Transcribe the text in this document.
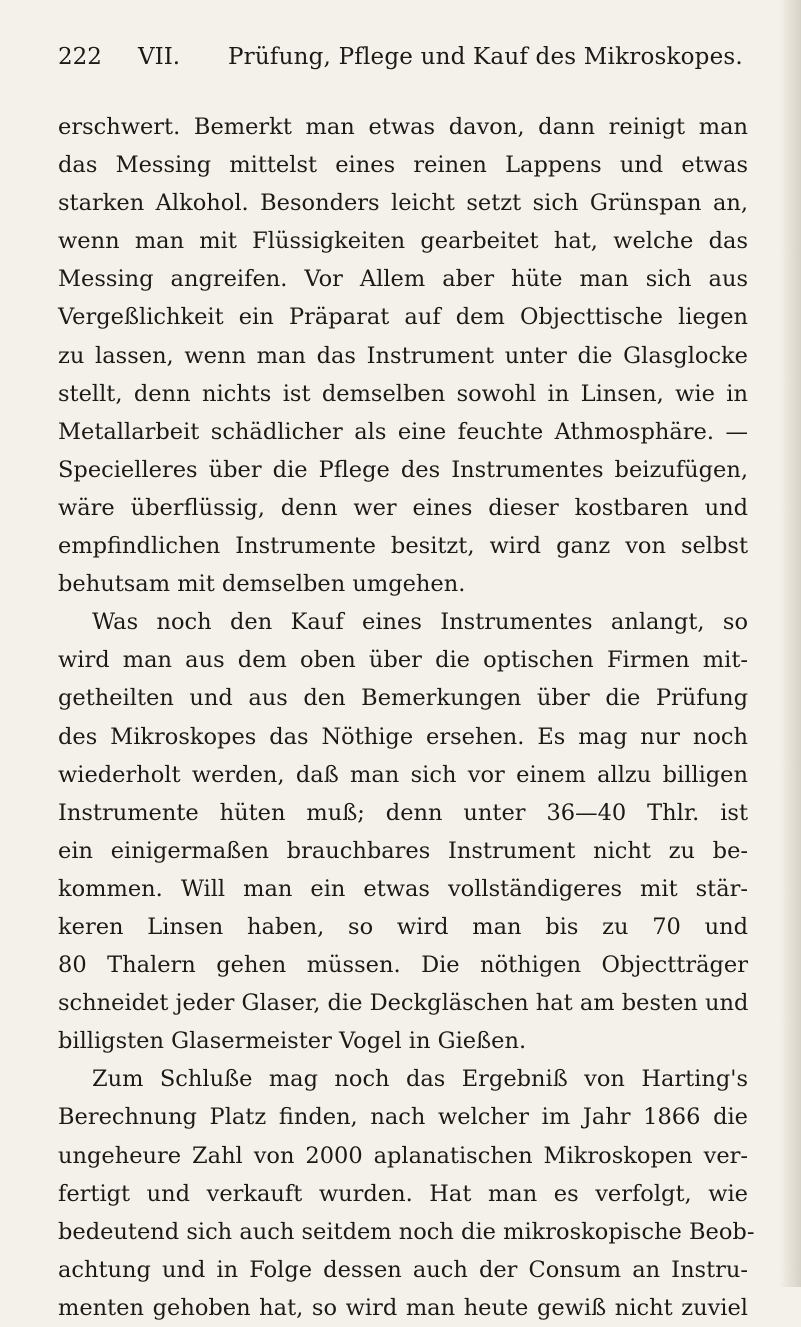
222 VII. Prüfung, Pflege und Kauf des Mikroskopes.

erschwert. Bemerkt man etwas davon, dann reinigt man
das Messing mittelst eines reinen Lappens und etwas
starken Alkohol. Besonders leicht setzt sich Grünspan an,
wenn man mit Flüssigkeiten gearbeitet hat, welche das
Messing angreifen. Vor Allem aber hüte man sich aus
Vergeßlichkeit ein Präparat auf dem Objecttische liegen
zu lassen, wenn man das Instrument unter die Glasglocke
stellt, denn nichts ist demselben sowohl in Linsen, wie in
Metallarbeit schädlicher als eine feuchte Athmosphäre. —
Specielleres über die Pflege des Instrumentes beizufügen,
wäre überflüssig, denn wer eines dieser kostbaren und
empfindlichen Instrumente besitzt, wird ganz von selbst
behutsam mit demselben umgehen.

Was noch den Kauf eines Instrumentes anlangt, so
wird man aus dem oben über die optischen Firmen mit-
getheilten und aus den Bemerkungen über die Prüfung
des Mikroskopes das Nöthige ersehen. Es mag nur noch
wiederholt werden, daß man sich vor einem allzu billigen
Instrumente hüten muß; denn unter 36—40 Thlr. ist
ein einigermaßen brauchbares Instrument nicht zu be-
kommen. Will man ein etwas vollständigeres mit stär-
keren Linsen haben, so wird man bis zu 70 und
80 Thalern gehen müssen. Die nöthigen Objectträger
schneidet jeder Glaser, die Deckgläschen hat am besten und
billigsten Glasermeister Vogel in Gießen.

Zum Schluße mag noch das Ergebniß von Harting's
Berechnung Platz finden, nach welcher im Jahr 1866 die
ungeheure Zahl von 2000 aplanatischen Mikroskopen ver-
fertigt und verkauft wurden. Hat man es verfolgt, wie
bedeutend sich auch seitdem noch die mikroskopische Beob-
achtung und in Folge dessen auch der Consum an Instru-
menten gehoben hat, so wird man heute gewiß nicht zuviel
